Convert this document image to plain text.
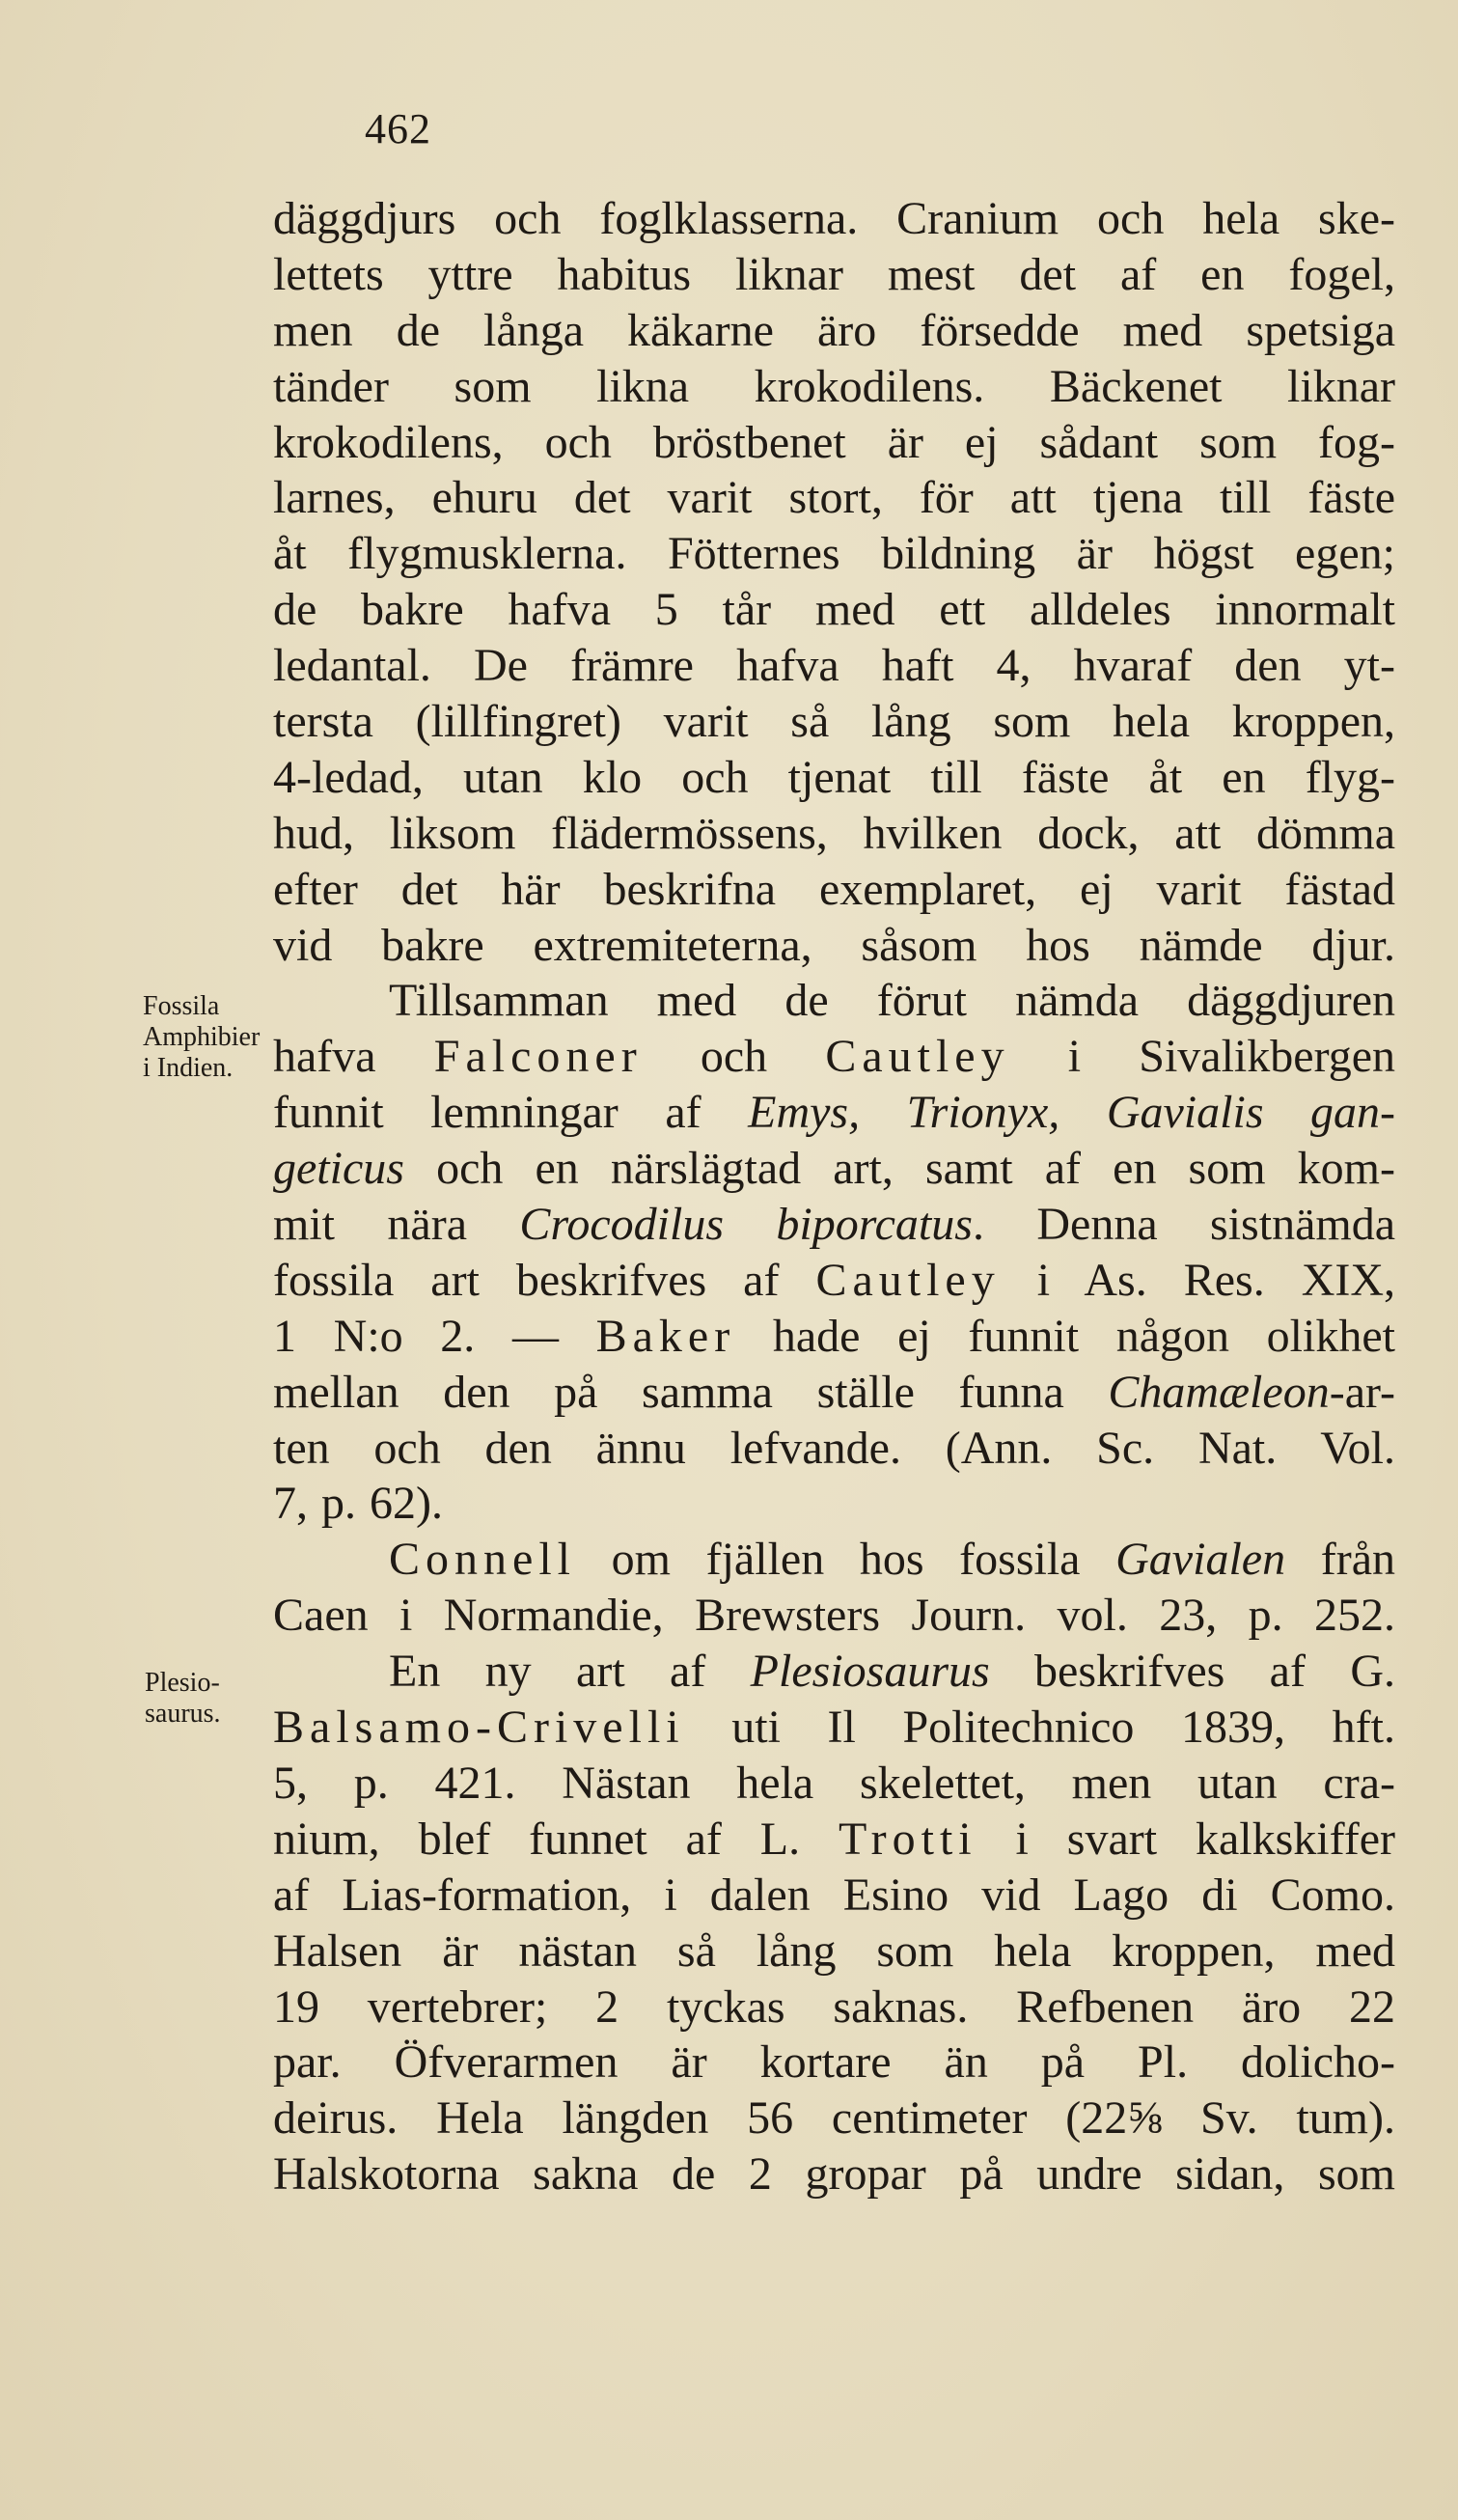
462
Fossila
Amphibier
i Indien.
Plesio-
saurus.
däggdjurs och foglklasserna. Cranium och hela ske-
lettets yttre habitus liknar mest det af en fogel,
men de långa käkarne äro försedde med spetsiga
tänder som likna krokodilens. Bäckenet liknar
krokodilens, och bröstbenet är ej sådant som fog-
larnes, ehuru det varit stort, för att tjena till fäste
åt flygmusklerna. Fötternes bildning är högst egen;
de bakre hafva 5 tår med ett alldeles innormalt
ledantal. De främre hafva haft 4, hvaraf den yt-
tersta (lillfingret) varit så lång som hela kroppen,
4-ledad, utan klo och tjenat till fäste åt en flyg-
hud, liksom flädermössens, hvilken dock, att dömma
efter det här beskrifna exemplaret, ej varit fästad
vid bakre extremiteterna, såsom hos nämde djur.
Tillsamman med de förut nämda däggdjuren
hafva Falconer och Cautley i Sivalikbergen
funnit lemningar af Emys, Trionyx, Gavialis gan-
geticus och en närslägtad art, samt af en som kom-
mit nära Crocodilus biporcatus. Denna sistnämda
fossila art beskrifves af Cautley i As. Res. XIX,
1 N:o 2. — Baker hade ej funnit någon olikhet
mellan den på samma ställe funna Chamæleon-ar-
ten och den ännu lefvande. (Ann. Sc. Nat. Vol.
7, p. 62).
Connell om fjällen hos fossila Gavialen från
Caen i Normandie, Brewsters Journ. vol. 23, p. 252.
En ny art af Plesiosaurus beskrifves af G.
Balsamo-Crivelli uti Il Politechnico 1839, hft.
5, p. 421. Nästan hela skelettet, men utan cra-
nium, blef funnet af L. Trotti i svart kalkskiffer
af Lias-formation, i dalen Esino vid Lago di Como.
Halsen är nästan så lång som hela kroppen, med
19 vertebrer; 2 tyckas saknas. Refbenen äro 22
par. Öfverarmen är kortare än på Pl. dolicho-
deirus. Hela längden 56 centimeter (22⅝ Sv. tum).
Halskotorna sakna de 2 gropar på undre sidan, som
